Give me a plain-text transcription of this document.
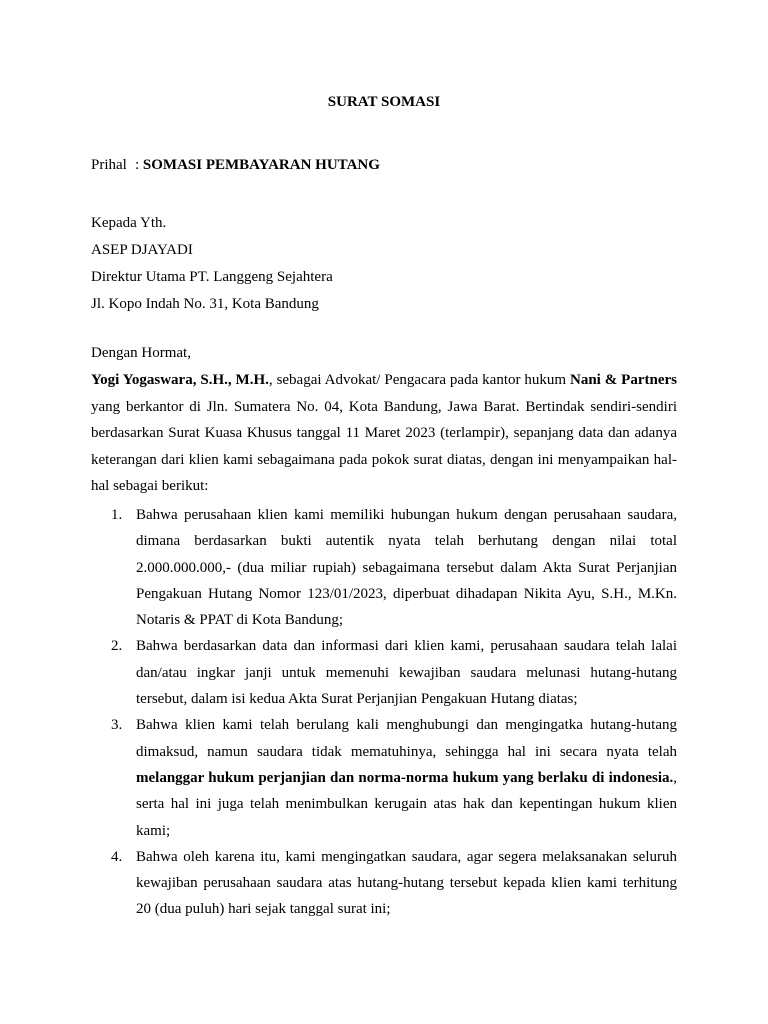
SURAT SOMASI
Prihal : SOMASI PEMBAYARAN HUTANG
Kepada Yth.
ASEP DJAYADI
Direktur Utama PT. Langgeng Sejahtera
Jl. Kopo Indah No. 31, Kota Bandung
Dengan Hormat,
Yogi Yogaswara, S.H., M.H., sebagai Advokat/ Pengacara pada kantor hukum Nani & Partners yang berkantor di Jln. Sumatera No. 04, Kota Bandung, Jawa Barat. Bertindak sendiri-sendiri berdasarkan Surat Kuasa Khusus tanggal 11 Maret 2023 (terlampir), sepanjang data dan adanya keterangan dari klien kami sebagaimana pada pokok surat diatas, dengan ini menyampaikan hal-hal sebagai berikut:
1. Bahwa perusahaan klien kami memiliki hubungan hukum dengan perusahaan saudara, dimana berdasarkan bukti autentik nyata telah berhutang dengan nilai total 2.000.000.000,- (dua miliar rupiah) sebagaimana tersebut dalam Akta Surat Perjanjian Pengakuan Hutang Nomor 123/01/2023, diperbuat dihadapan Nikita Ayu, S.H., M.Kn. Notaris & PPAT di Kota Bandung;
2. Bahwa berdasarkan data dan informasi dari klien kami, perusahaan saudara telah lalai dan/atau ingkar janji untuk memenuhi kewajiban saudara melunasi hutang-hutang tersebut, dalam isi kedua Akta Surat Perjanjian Pengakuan Hutang diatas;
3. Bahwa klien kami telah berulang kali menghubungi dan mengingatka hutang-hutang dimaksud, namun saudara tidak mematuhinya, sehingga hal ini secara nyata telah melanggar hukum perjanjian dan norma-norma hukum yang berlaku di indonesia., serta hal ini juga telah menimbulkan kerugain atas hak dan kepentingan hukum klien kami;
4. Bahwa oleh karena itu, kami mengingatkan saudara, agar segera melaksanakan seluruh kewajiban perusahaan saudara atas hutang-hutang tersebut kepada klien kami terhitung 20 (dua puluh) hari sejak tanggal surat ini;
